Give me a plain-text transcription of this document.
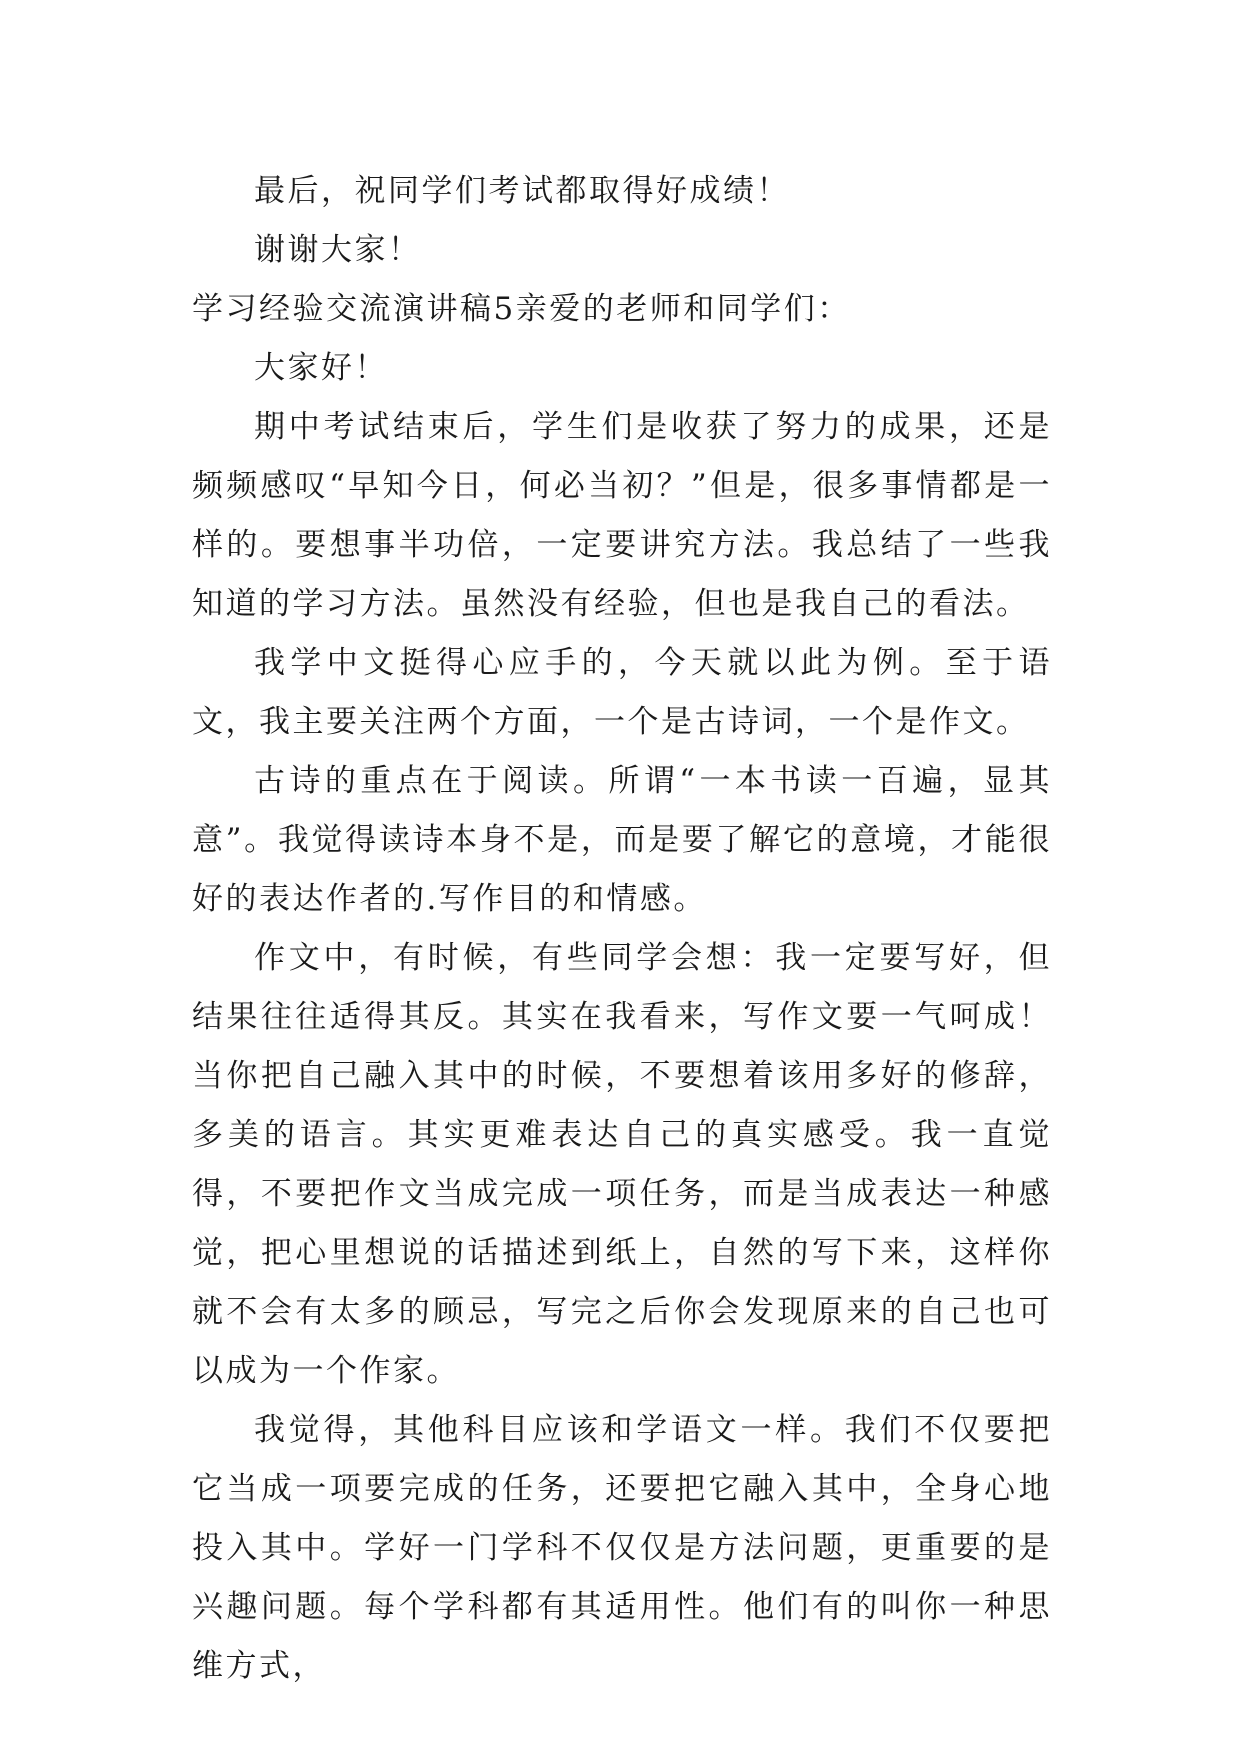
最后，祝同学们考试都取得好成绩！

谢谢大家！

学习经验交流演讲稿5亲爱的老师和同学们：

大家好！

期中考试结束后，学生们是收获了努力的成果，还是频频感叹“早知今日，何必当初？”但是，很多事情都是一样的。要想事半功倍，一定要讲究方法。我总结了一些我知道的学习方法。虽然没有经验，但也是我自己的看法。

我学中文挺得心应手的，今天就以此为例。至于语文，我主要关注两个方面，一个是古诗词，一个是作文。

古诗的重点在于阅读。所谓“一本书读一百遍，显其意”。我觉得读诗本身不是，而是要了解它的意境，才能很好的表达作者的.写作目的和情感。

作文中，有时候，有些同学会想：我一定要写好，但结果往往适得其反。其实在我看来，写作文要一气呵成！当你把自己融入其中的时候，不要想着该用多好的修辞，多美的语言。其实更难表达自己的真实感受。我一直觉得，不要把作文当成完成一项任务，而是当成表达一种感觉，把心里想说的话描述到纸上，自然的写下来，这样你就不会有太多的顾忌，写完之后你会发现原来的自己也可以成为一个作家。

我觉得，其他科目应该和学语文一样。我们不仅要把它当成一项要完成的任务，还要把它融入其中，全身心地投入其中。学好一门学科不仅仅是方法问题，更重要的是兴趣问题。每个学科都有其适用性。他们有的叫你一种思维方式，
